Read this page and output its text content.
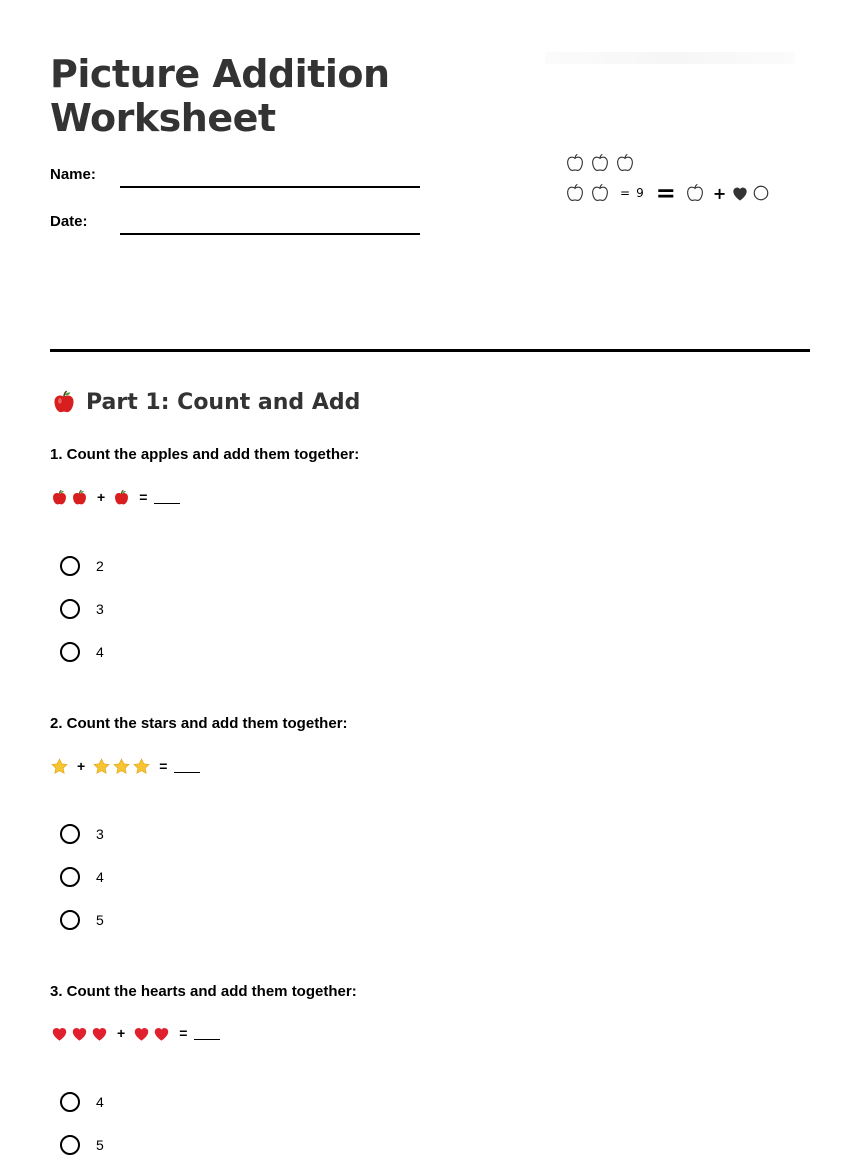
Picture Addition
Worksheet
Name:
Date:
= 9 = +
Part 1: Count and Add
1. Count the apples and add them together:
+ =
2
3
4
2. Count the stars and add them together:
+	=
3
4
5
3. Count the hearts and add them together:
+	=
4
5
